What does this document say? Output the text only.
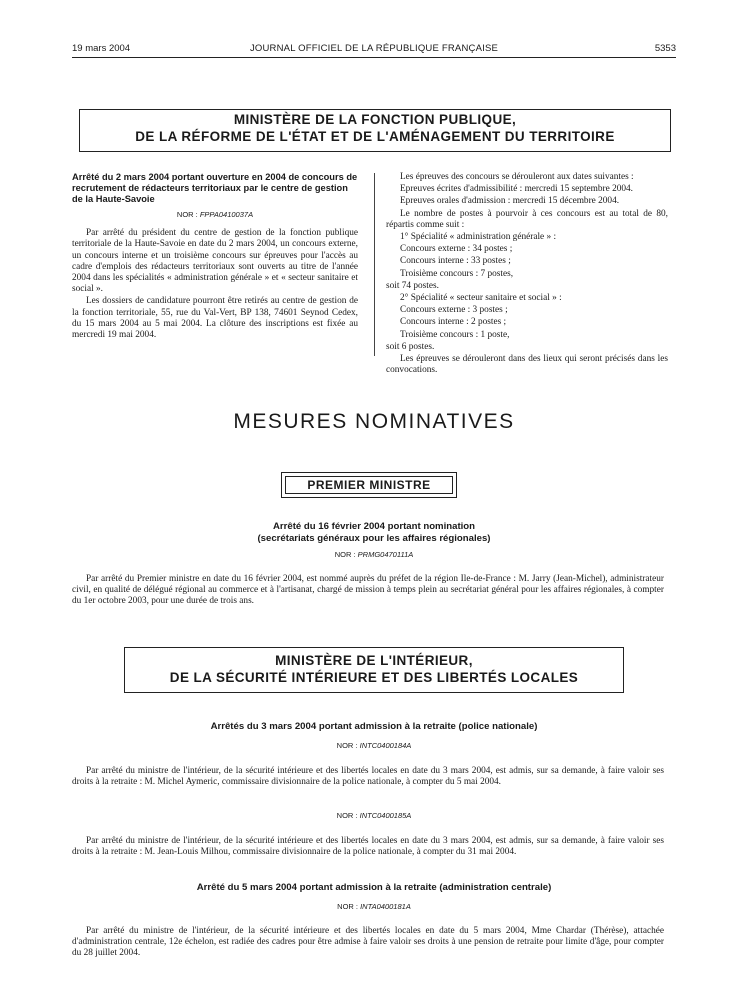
19 mars 2004	JOURNAL OFFICIEL DE LA RÉPUBLIQUE FRANÇAISE	5353
MINISTÈRE DE LA FONCTION PUBLIQUE,
DE LA RÉFORME DE L'ÉTAT ET DE L'AMÉNAGEMENT DU TERRITOIRE

Arrêté du 2 mars 2004 portant ouverture en 2004 de concours de recrutement de rédacteurs territoriaux par le centre de gestion de la Haute-Savoie

NOR : FPPA0410037A

Par arrêté du président du centre de gestion de la fonction publique territoriale de la Haute-Savoie en date du 2 mars 2004, un concours externe, un concours interne et un troisième concours sur épreuves pour l'accès au cadre d'emplois des rédacteurs territoriaux sont ouverts au titre de l'année 2004 dans les spécialités « administration générale » et « secteur sanitaire et social ».

Les dossiers de candidature pourront être retirés au centre de gestion de la fonction territoriale, 55, rue du Val-Vert, BP 138, 74601 Seynod Cedex, du 15 mars 2004 au 5 mai 2004. La clôture des inscriptions est fixée au mercredi 19 mai 2004.

Les épreuves des concours se dérouleront aux dates suivantes :

Epreuves écrites d'admissibilité : mercredi 15 septembre 2004.

Epreuves orales d'admission : mercredi 15 décembre 2004.

Le nombre de postes à pourvoir à ces concours est au total de 80, répartis comme suit :

1° Spécialité « administration générale » :

Concours externe : 34 postes ;

Concours interne : 33 postes ;

Troisième concours : 7 postes,

soit 74 postes.

2° Spécialité « secteur sanitaire et social » :

Concours externe : 3 postes ;

Concours interne : 2 postes ;

Troisième concours : 1 poste,

soit 6 postes.

Les épreuves se dérouleront dans des lieux qui seront précisés dans les convocations.

MESURES NOMINATIVES
PREMIER MINISTRE
Arrêté du 16 février 2004 portant nomination
(secrétariats généraux pour les affaires régionales)
NOR : PRMG0470111A
Par arrêté du Premier ministre en date du 16 février 2004, est nommé auprès du préfet de la région Ile-de-France : M. Jarry (Jean-Michel), administrateur civil, en qualité de délégué régional au commerce et à l'artisanat, chargé de mission à temps plein au secrétariat général pour les affaires régionales, à compter du 1er octobre 2003, pour une durée de trois ans.
MINISTÈRE DE L'INTÉRIEUR,
DE LA SÉCURITÉ INTÉRIEURE ET DES LIBERTÉS LOCALES
Arrêtés du 3 mars 2004 portant admission à la retraite (police nationale)
NOR : INTC0400184A
Par arrêté du ministre de l'intérieur, de la sécurité intérieure et des libertés locales en date du 3 mars 2004, est admis, sur sa demande, à faire valoir ses droits à la retraite : M. Michel Aymeric, commissaire divisionnaire de la police nationale, à compter du 5 mai 2004.
NOR : INTC0400185A
Par arrêté du ministre de l'intérieur, de la sécurité intérieure et des libertés locales en date du 3 mars 2004, est admis, sur sa demande, à faire valoir ses droits à la retraite : M. Jean-Louis Milhou, commissaire divisionnaire de la police nationale, à compter du 31 mai 2004.
Arrêté du 5 mars 2004 portant admission à la retraite (administration centrale)
NOR : INTA0400181A
Par arrêté du ministre de l'intérieur, de la sécurité intérieure et des libertés locales en date du 5 mars 2004, Mme Chardar (Thérèse), attachée d'administration centrale, 12e échelon, est radiée des cadres pour être admise à faire valoir ses droits à une pension de retraite pour limite d'âge, pour compter du 28 juillet 2004.
